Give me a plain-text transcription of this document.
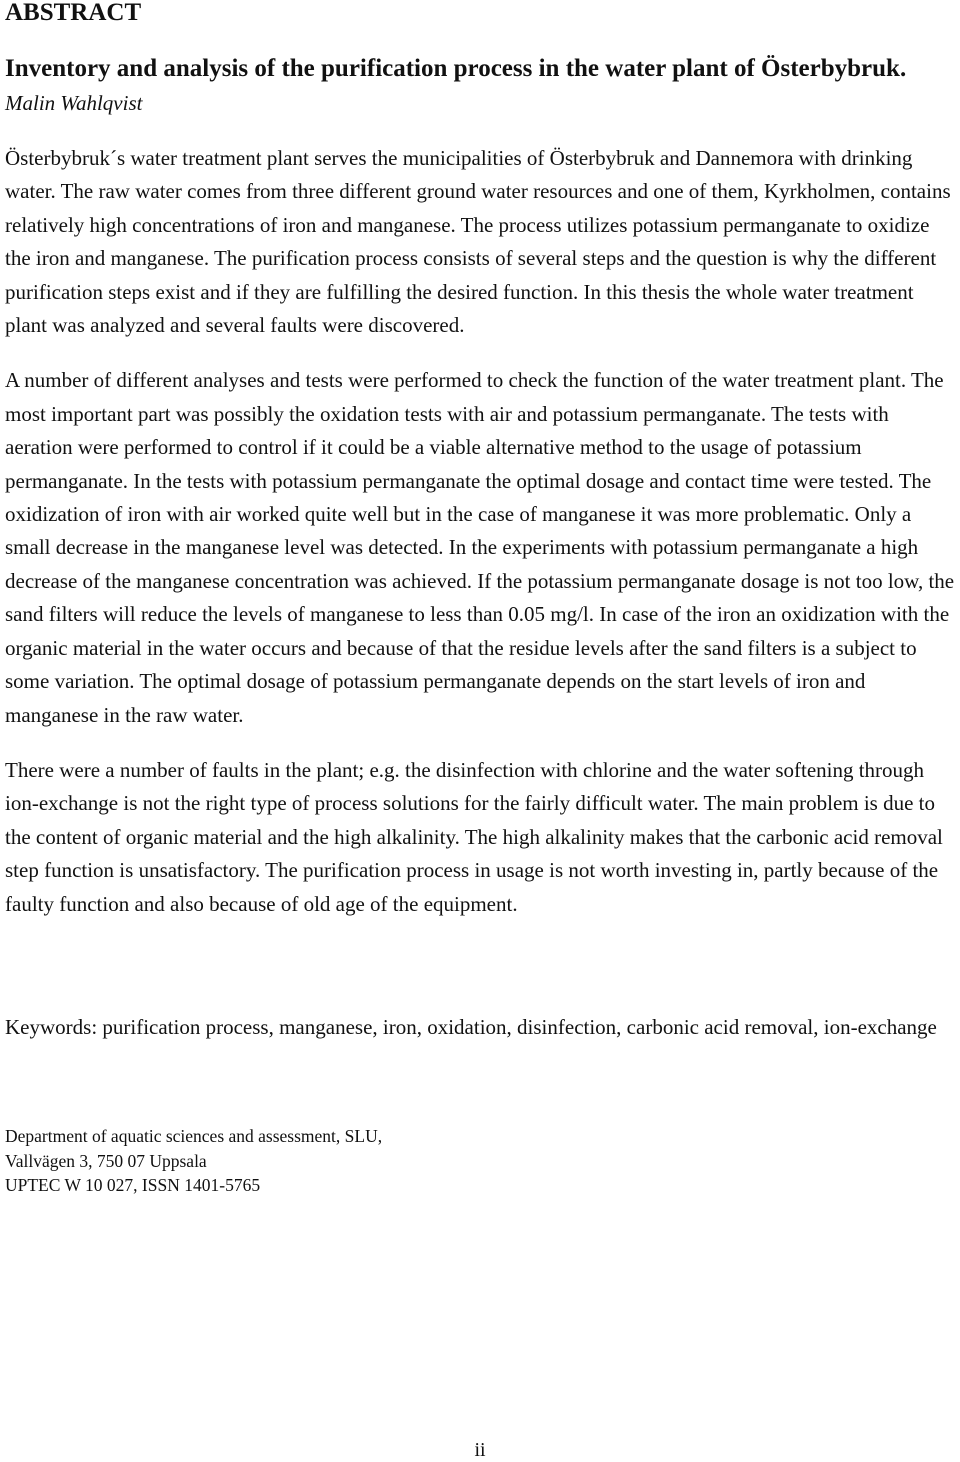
ABSTRACT
Inventory and analysis of the purification process in the water plant of Österbybruk.
Malin Wahlqvist

Österbybruk´s water treatment plant serves the municipalities of Österbybruk and Dannemora with drinking water. The raw water comes from three different ground water resources and one of them, Kyrkholmen, contains relatively high concentrations of iron and manganese. The process utilizes potassium permanganate to oxidize the iron and manganese. The purification process consists of several steps and the question is why the different purification steps exist and if they are fulfilling the desired function. In this thesis the whole water treatment plant was analyzed and several faults were discovered.

A number of different analyses and tests were performed to check the function of the water treatment plant. The most important part was possibly the oxidation tests with air and potassium permanganate. The tests with aeration were performed to control if it could be a viable alternative method to the usage of potassium permanganate. In the tests with potassium permanganate the optimal dosage and contact time were tested. The oxidization of iron with air worked quite well but in the case of manganese it was more problematic. Only a small decrease in the manganese level was detected. In the experiments with potassium permanganate a high decrease of the manganese concentration was achieved. If the potassium permanganate dosage is not too low, the sand filters will reduce the levels of manganese to less than 0.05 mg/l. In case of the iron an oxidization with the organic material in the water occurs and because of that the residue levels after the sand filters is a subject to some variation. The optimal dosage of potassium permanganate depends on the start levels of iron and manganese in the raw water.

There were a number of faults in the plant; e.g. the disinfection with chlorine and the water softening through ion-exchange is not the right type of process solutions for the fairly difficult water. The main problem is due to the content of organic material and the high alkalinity. The high alkalinity makes that the carbonic acid removal step function is unsatisfactory. The purification process in usage is not worth investing in, partly because of the faulty function and also because of old age of the equipment.

Keywords: purification process, manganese, iron, oxidation, disinfection, carbonic acid removal, ion-exchange
Department of aquatic sciences and assessment, SLU,
Vallvägen 3, 750 07 Uppsala
UPTEC W 10 027, ISSN 1401-5765
ii
